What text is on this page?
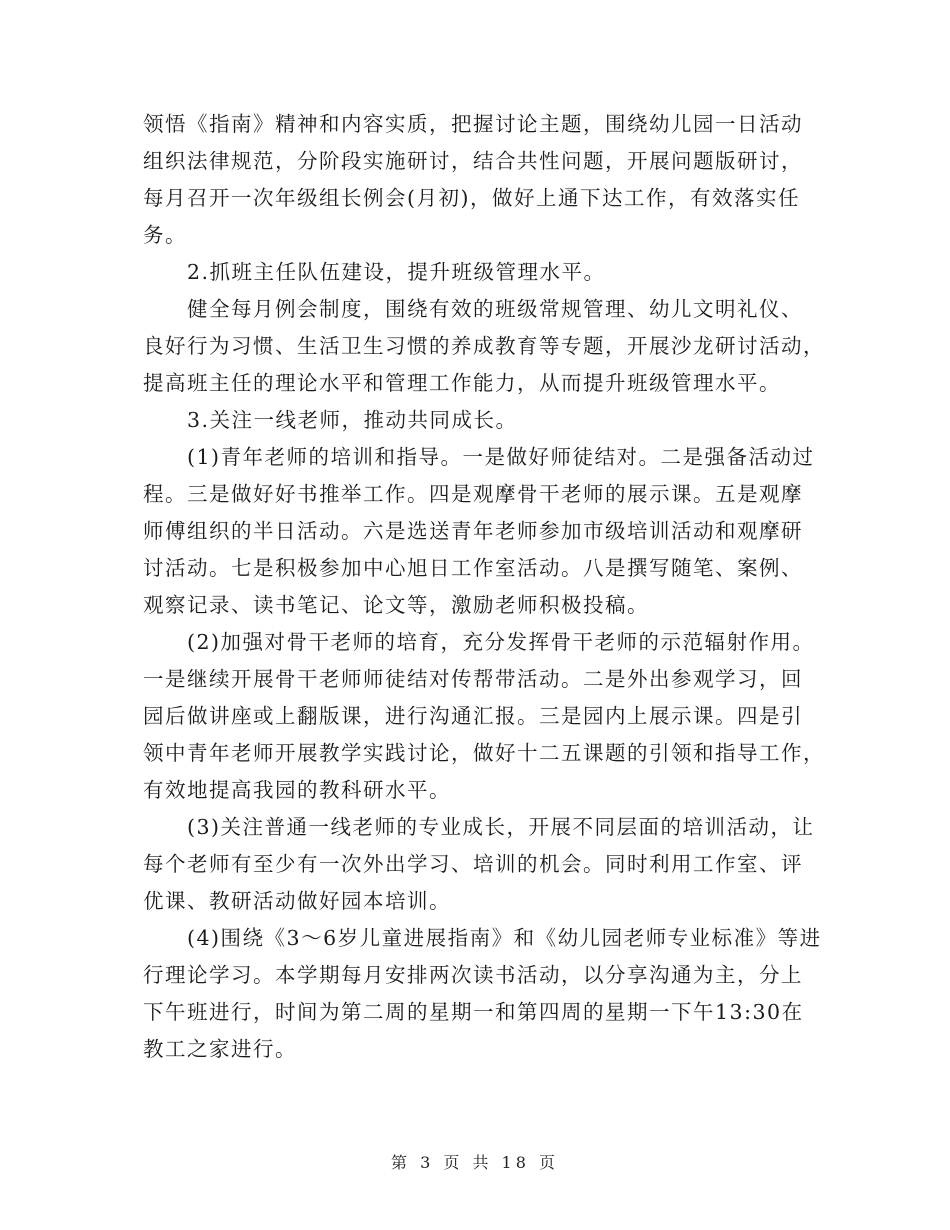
领悟《指南》精神和内容实质，把握讨论主题，围绕幼儿园一日活动
组织法律规范，分阶段实施研讨，结合共性问题，开展问题版研讨，
每月召开一次年级组长例会(月初)，做好上通下达工作，有效落实任
务。
2.抓班主任队伍建设，提升班级管理水平。
健全每月例会制度，围绕有效的班级常规管理、幼儿文明礼仪、
良好行为习惯、生活卫生习惯的养成教育等专题，开展沙龙研讨活动，
提高班主任的理论水平和管理工作能力，从而提升班级管理水平。
3.关注一线老师，推动共同成长。
(1)青年老师的培训和指导。一是做好师徒结对。二是强备活动过
程。三是做好好书推举工作。四是观摩骨干老师的展示课。五是观摩
师傅组织的半日活动。六是选送青年老师参加市级培训活动和观摩研
讨活动。七是积极参加中心旭日工作室活动。八是撰写随笔、案例、
观察记录、读书笔记、论文等，激励老师积极投稿。
(2)加强对骨干老师的培育，充分发挥骨干老师的示范辐射作用。
一是继续开展骨干老师师徒结对传帮带活动。二是外出参观学习，回
园后做讲座或上翻版课，进行沟通汇报。三是园内上展示课。四是引
领中青年老师开展教学实践讨论，做好十二五课题的引领和指导工作，
有效地提高我园的教科研水平。
(3)关注普通一线老师的专业成长，开展不同层面的培训活动，让
每个老师有至少有一次外出学习、培训的机会。同时利用工作室、评
优课、教研活动做好园本培训。
(4)围绕《3～6岁儿童进展指南》和《幼儿园老师专业标准》等进
行理论学习。本学期每月安排两次读书活动，以分享沟通为主，分上
下午班进行，时间为第二周的星期一和第四周的星期一下午13:30在
教工之家进行。
第 3 页 共 18 页
